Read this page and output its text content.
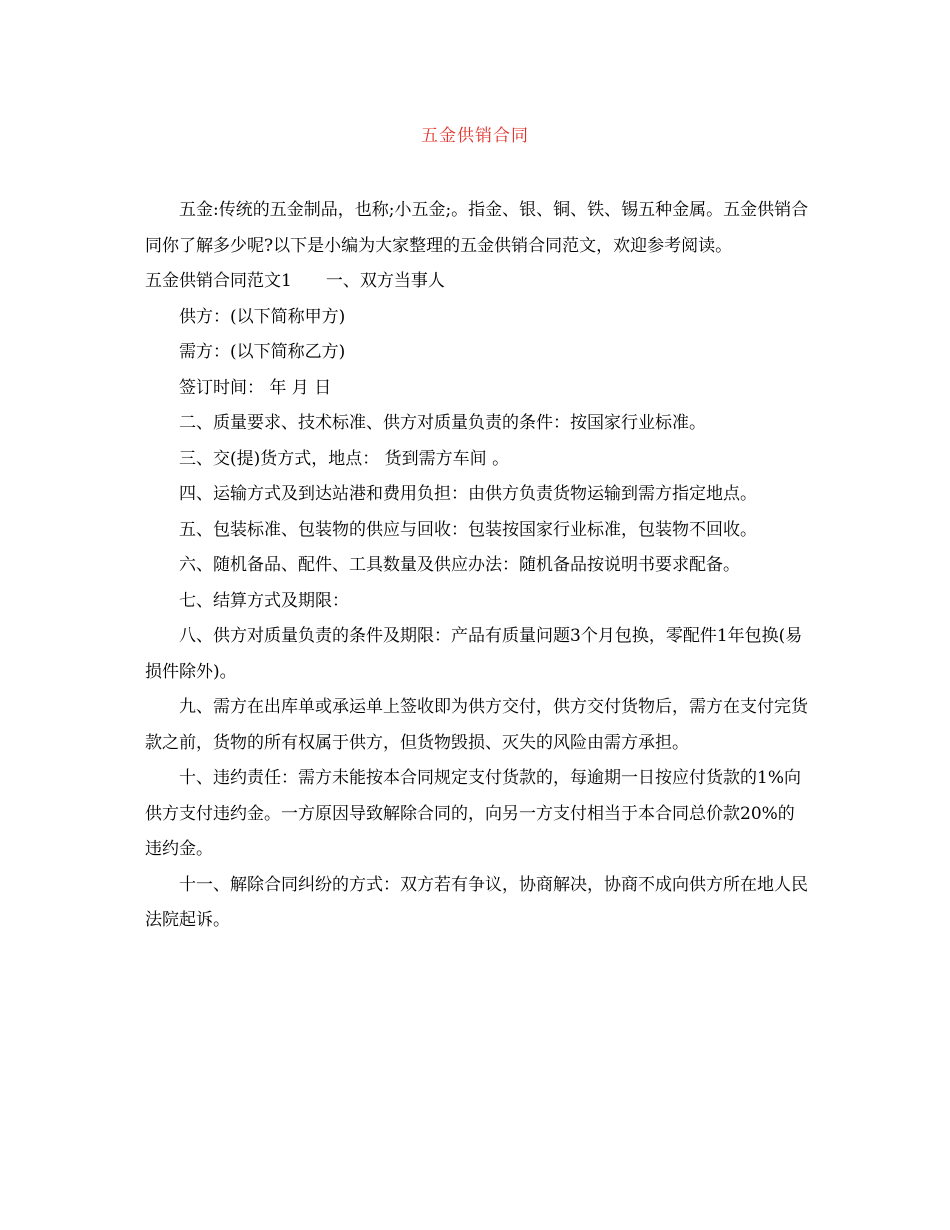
五金供销合同

五金:传统的五金制品，也称;小五金;。指金、银、铜、铁、锡五种金属。五金供销合同你了解多少呢?以下是小编为大家整理的五金供销合同范文，欢迎参考阅读。

五金供销合同范文1 一、双方当事人

供方：(以下简称甲方)

需方：(以下简称乙方)

签订时间： 年 月 日

二、质量要求、技术标准、供方对质量负责的条件：按国家行业标准。

三、交(提)货方式，地点： 货到需方车间 。

四、运输方式及到达站港和费用负担：由供方负责货物运输到需方指定地点。

五、包装标准、包装物的供应与回收：包装按国家行业标准，包装物不回收。

六、随机备品、配件、工具数量及供应办法：随机备品按说明书要求配备。

七、结算方式及期限：

八、供方对质量负责的条件及期限：产品有质量问题3个月包换，零配件1年包换(易损件除外)。

九、需方在出库单或承运单上签收即为供方交付，供方交付货物后，需方在支付完货款之前，货物的所有权属于供方，但货物毁损、灭失的风险由需方承担。

十、违约责任：需方未能按本合同规定支付货款的，每逾期一日按应付货款的1%向供方支付违约金。一方原因导致解除合同的，向另一方支付相当于本合同总价款20%的违约金。

十一、解除合同纠纷的方式：双方若有争议，协商解决，协商不成向供方所在地人民法院起诉。
